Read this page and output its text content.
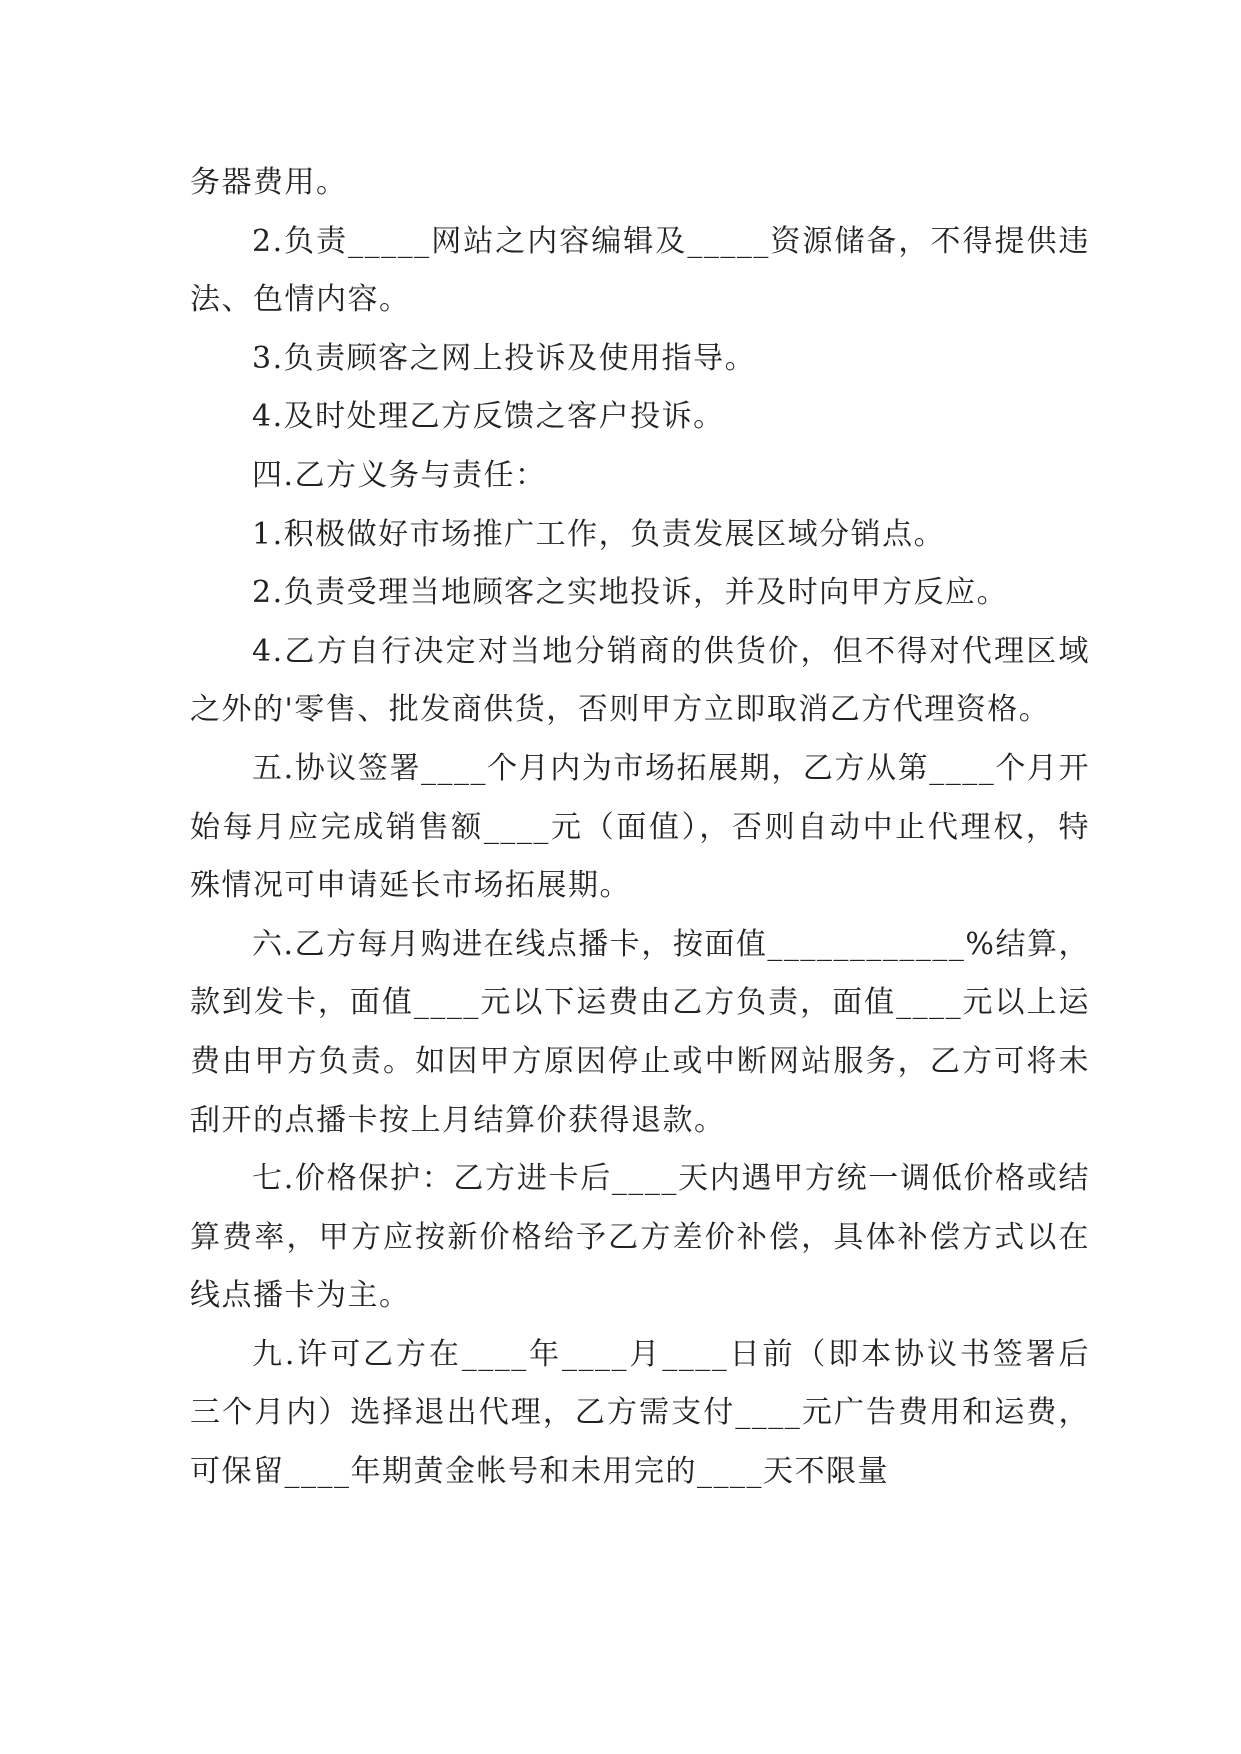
务器费用。

2.负责_____网站之内容编辑及_____资源储备，不得提供违法、色情内容。

3.负责顾客之网上投诉及使用指导。

4.及时处理乙方反馈之客户投诉。

四.乙方义务与责任：

1.积极做好市场推广工作，负责发展区域分销点。

2.负责受理当地顾客之实地投诉，并及时向甲方反应。

4.乙方自行决定对当地分销商的供货价，但不得对代理区域之外的'零售、批发商供货，否则甲方立即取消乙方代理资格。

五.协议签署____个月内为市场拓展期，乙方从第____个月开始每月应完成销售额____元（面值），否则自动中止代理权，特殊情况可申请延长市场拓展期。

六.乙方每月购进在线点播卡，按面值____________%结算，款到发卡，面值____元以下运费由乙方负责，面值____元以上运费由甲方负责。如因甲方原因停止或中断网站服务，乙方可将未刮开的点播卡按上月结算价获得退款。

七.价格保护：乙方进卡后____天内遇甲方统一调低价格或结算费率，甲方应按新价格给予乙方差价补偿，具体补偿方式以在线点播卡为主。

九.许可乙方在____年____月____日前（即本协议书签署后三个月内）选择退出代理，乙方需支付____元广告费用和运费，可保留____年期黄金帐号和未用完的____天不限量
